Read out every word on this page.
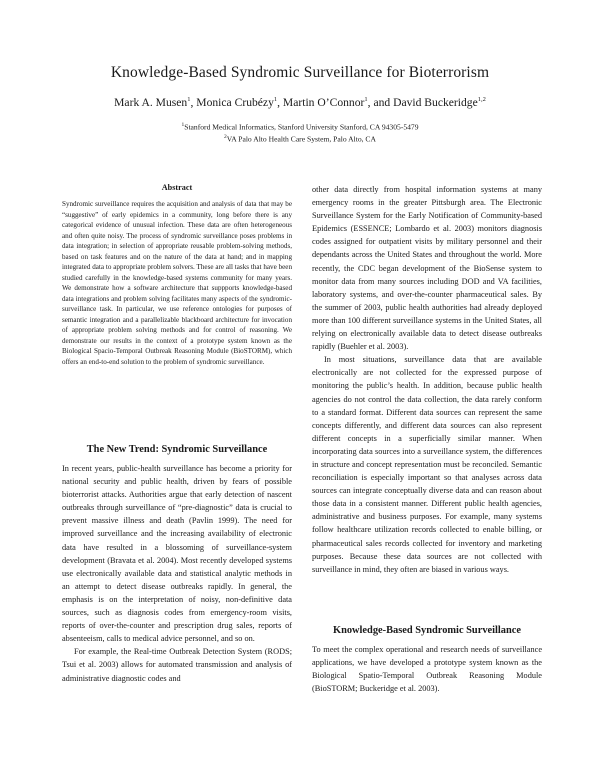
Knowledge-Based Syndromic Surveillance for Bioterrorism
Mark A. Musen$^1$, Monica Crubézy$^1$, Martin O’Connor$^1$, and David Buckeridge$^{1,2}$
$^1$Stanford Medical Informatics, Stanford University Stanford, CA 94305-5479
$^2$VA Palo Alto Health Care System, Palo Alto, CA
Abstract

Syndromic surveillance requires the acquisition and analysis of data that may be “suggestive” of early epidemics in a community, long before there is any categorical evidence of unusual infection. These data are often heterogeneous and often quite noisy. The process of syndromic surveillance poses problems in data integration; in selection of appropriate reusable problem-solving methods, based on task features and on the nature of the data at hand; and in mapping integrated data to appropriate problem solvers. These are all tasks that have been studied carefully in the knowledge-based systems community for many years. We demonstrate how a software architecture that suppports knowledge-based data integrations and problem solving facilitates many aspects of the syndromic-surveillance task. In particular, we use reference ontologies for purposes of semantic integration and a parallelizable blackboard architecture for invocation of appropriate problem solving methods and for control of reasoning. We demonstrate our results in the context of a prototype system known as the Biological Spacio-Temporal Outbreak Reasoning Module (BioSTORM), which offers an end-to-end solution to the problem of syndromic surveillance.

The New Trend: Syndromic Surveillance

In recent years, public-health surveillance has become a priority for national security and public health, driven by fears of possible bioterrorist attacks. Authorities argue that early detection of nascent outbreaks through surveillance of “pre-diagnostic” data is crucial to prevent massive illness and death (Pavlin 1999). The need for improved surveillance and the increasing availability of electronic data have resulted in a blossoming of surveillance-system development (Bravata et al. 2004). Most recently developed systems use electronically available data and statistical analytic methods in an attempt to detect disease outbreaks rapidly. In general, the emphasis is on the interpretation of noisy, non-definitive data sources, such as diagnosis codes from emergency-room visits, reports of over-the-counter and prescription drug sales, reports of absenteeism, calls to medical advice personnel, and so on.

For example, the Real-time Outbreak Detection System (RODS; Tsui et al. 2003) allows for automated transmission and analysis of administrative diagnostic codes and

other data directly from hospital information systems at many emergency rooms in the greater Pittsburgh area. The Electronic Surveillance System for the Early Notification of Community-based Epidemics (ESSENCE; Lombardo et al. 2003) monitors diagnosis codes assigned for outpatient visits by military personnel and their dependants across the United States and throughout the world. More recently, the CDC began development of the BioSense system to monitor data from many sources including DOD and VA facilities, laboratory systems, and over-the-counter pharmaceutical sales. By the summer of 2003, public health authorities had already deployed more than 100 different surveillance systems in the United States, all relying on electronically available data to detect disease outbreaks rapidly (Buehler et al. 2003).

In most situations, surveillance data that are available electronically are not collected for the expressed purpose of monitoring the public’s health. In addition, because public health agencies do not control the data collection, the data rarely conform to a standard format. Different data sources can represent the same concepts differently, and different data sources can also represent different concepts in a superficially similar manner. When incorporating data sources into a surveillance system, the differences in structure and concept representation must be reconciled. Semantic reconciliation is especially important so that analyses across data sources can integrate conceptually diverse data and can reason about those data in a consistent manner. Different public health agencies, administrative and business purposes. For example, many systems follow healthcare utilization records collected to enable billing, or pharmaceutical sales records collected for inventory and marketing purposes. Because these data sources are not collected with surveillance in mind, they often are biased in various ways.

Knowledge-Based Syndromic Surveillance

To meet the complex operational and research needs of surveillance applications, we have developed a prototype system known as the Biological Spatio-Temporal Outbreak Reasoning Module (BioSTORM; Buckeridge et al. 2003).
